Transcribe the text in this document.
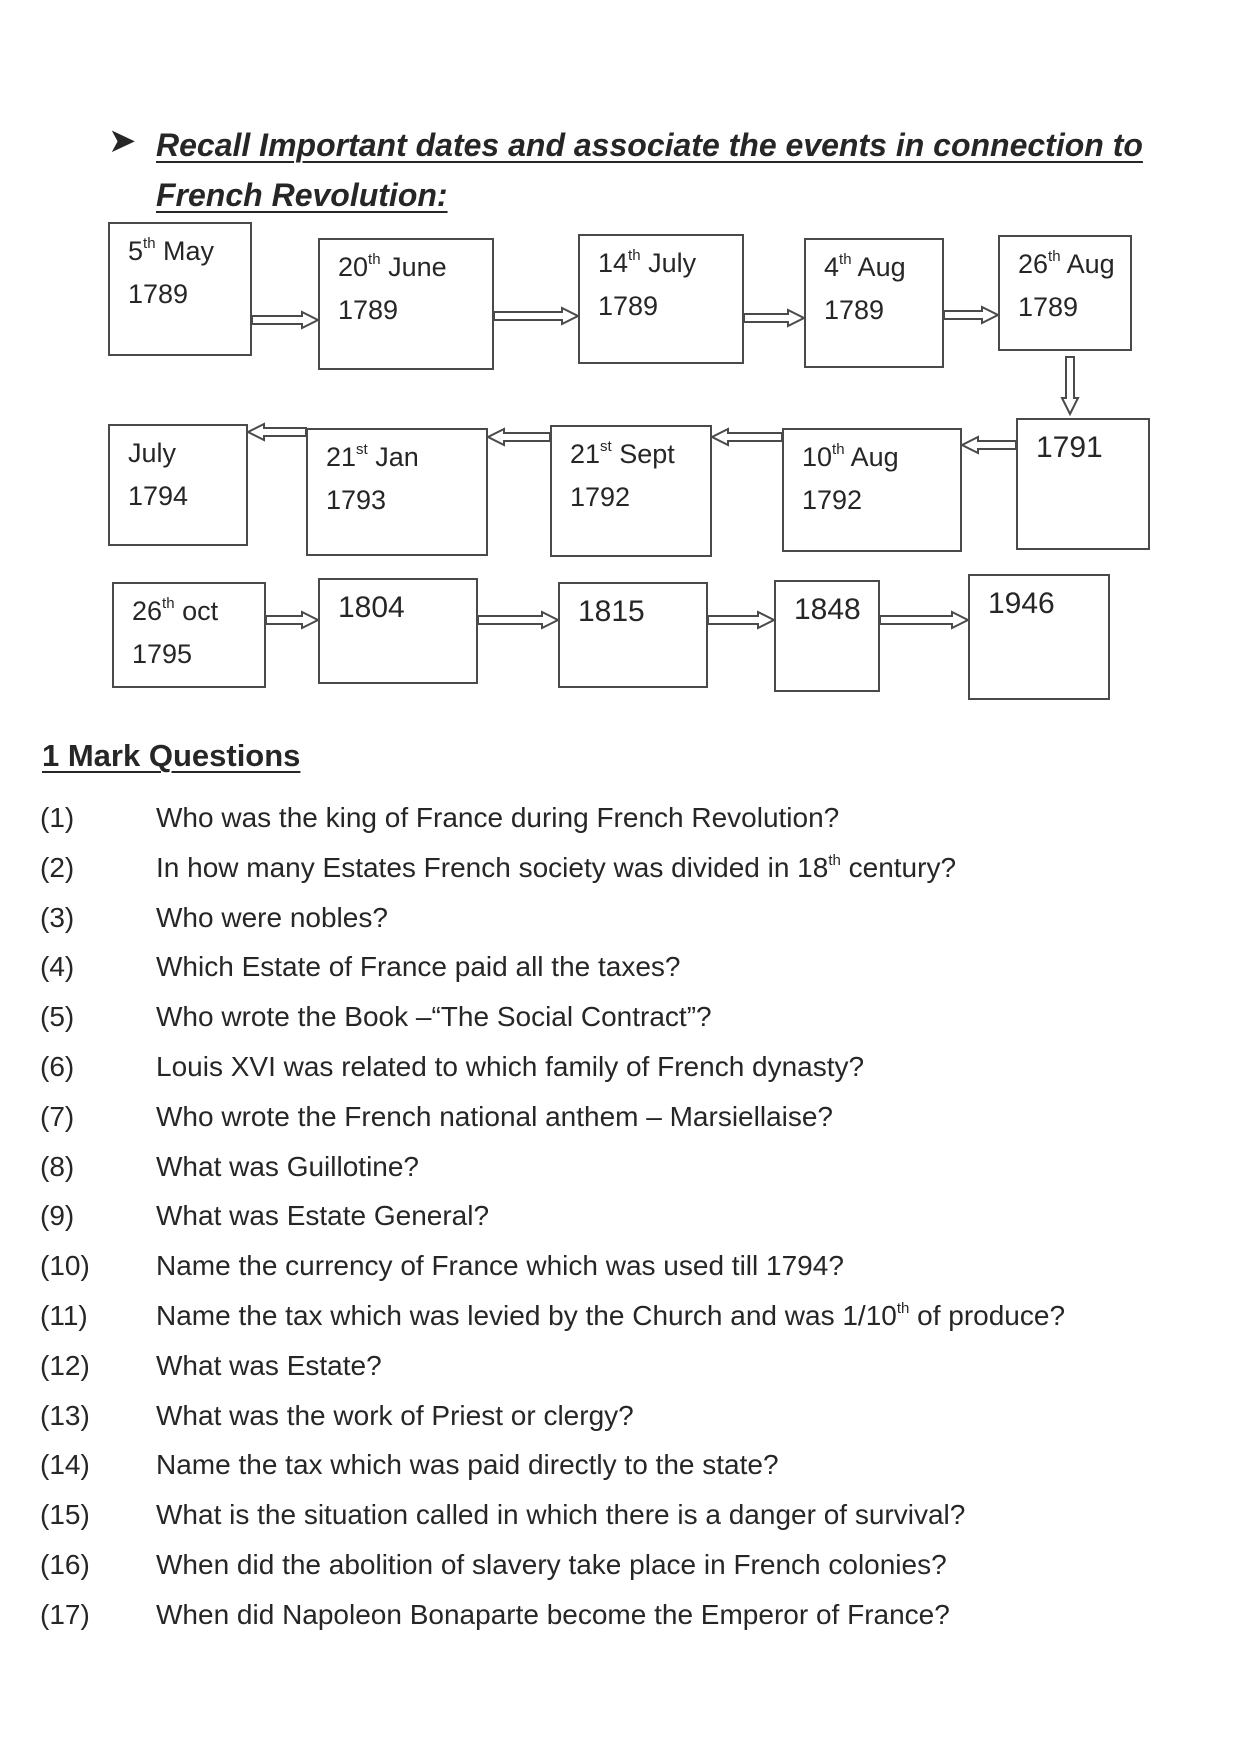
➤ Recall Important dates and associate the events in connection to
French Revolution:
5th May
1789
20th June
1789
14th July
1789
4th Aug
1789
26th Aug
1789
1791
10th Aug
1792
21st Sept
1792
21st Jan
1793
July
1794
26th oct
1795
1804	1815	1848	1946
1 Mark Questions
(1)	Who was the king of France during French Revolution?
(2)	In how many Estates French society was divided in 18th century?
(3)	Who were nobles?
(4)	Which Estate of France paid all the taxes?
(5)	Who wrote the Book –“The Social Contract”?
(6)	Louis XVI was related to which family of French dynasty?
(7)	Who wrote the French national anthem – Marsiellaise?
(8)	What was Guillotine?
(9)	What was Estate General?
(10) Name the currency of France which was used till 1794?
(11) Name the tax which was levied by the Church and was 1/10th of produce?
(12) What was Estate?
(13) What was the work of Priest or clergy?
(14) Name the tax which was paid directly to the state?
(15) What is the situation called in which there is a danger of survival?
(16) When did the abolition of slavery take place in French colonies?
(17) When did Napoleon Bonaparte become the Emperor of France?
